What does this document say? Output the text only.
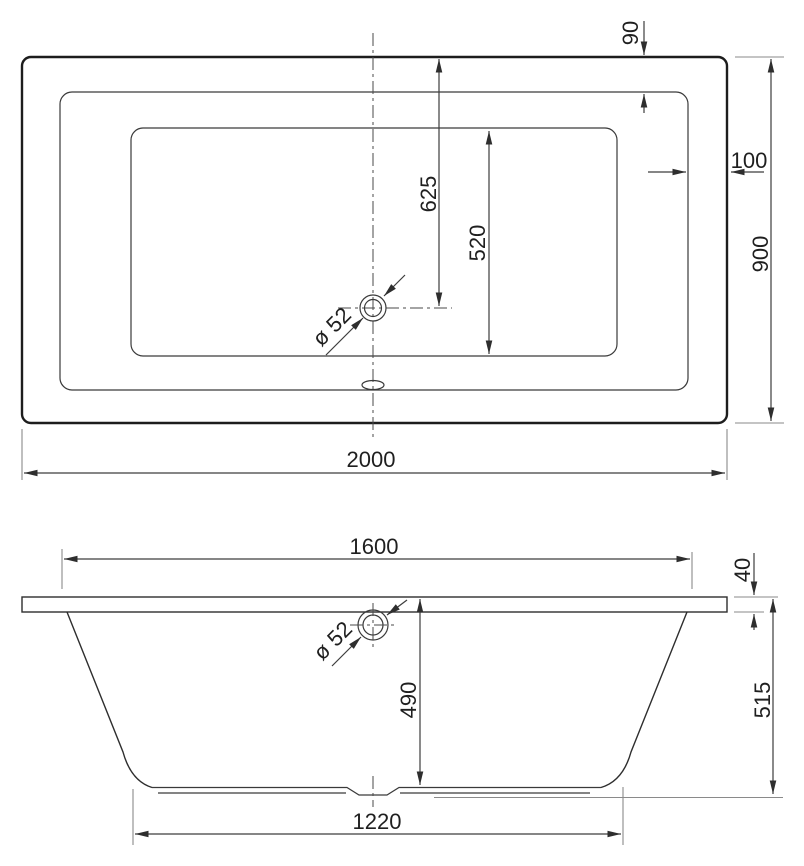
ø 52
90
100
625
520	900
2000
ø 52
1600
40
515
490
1220
